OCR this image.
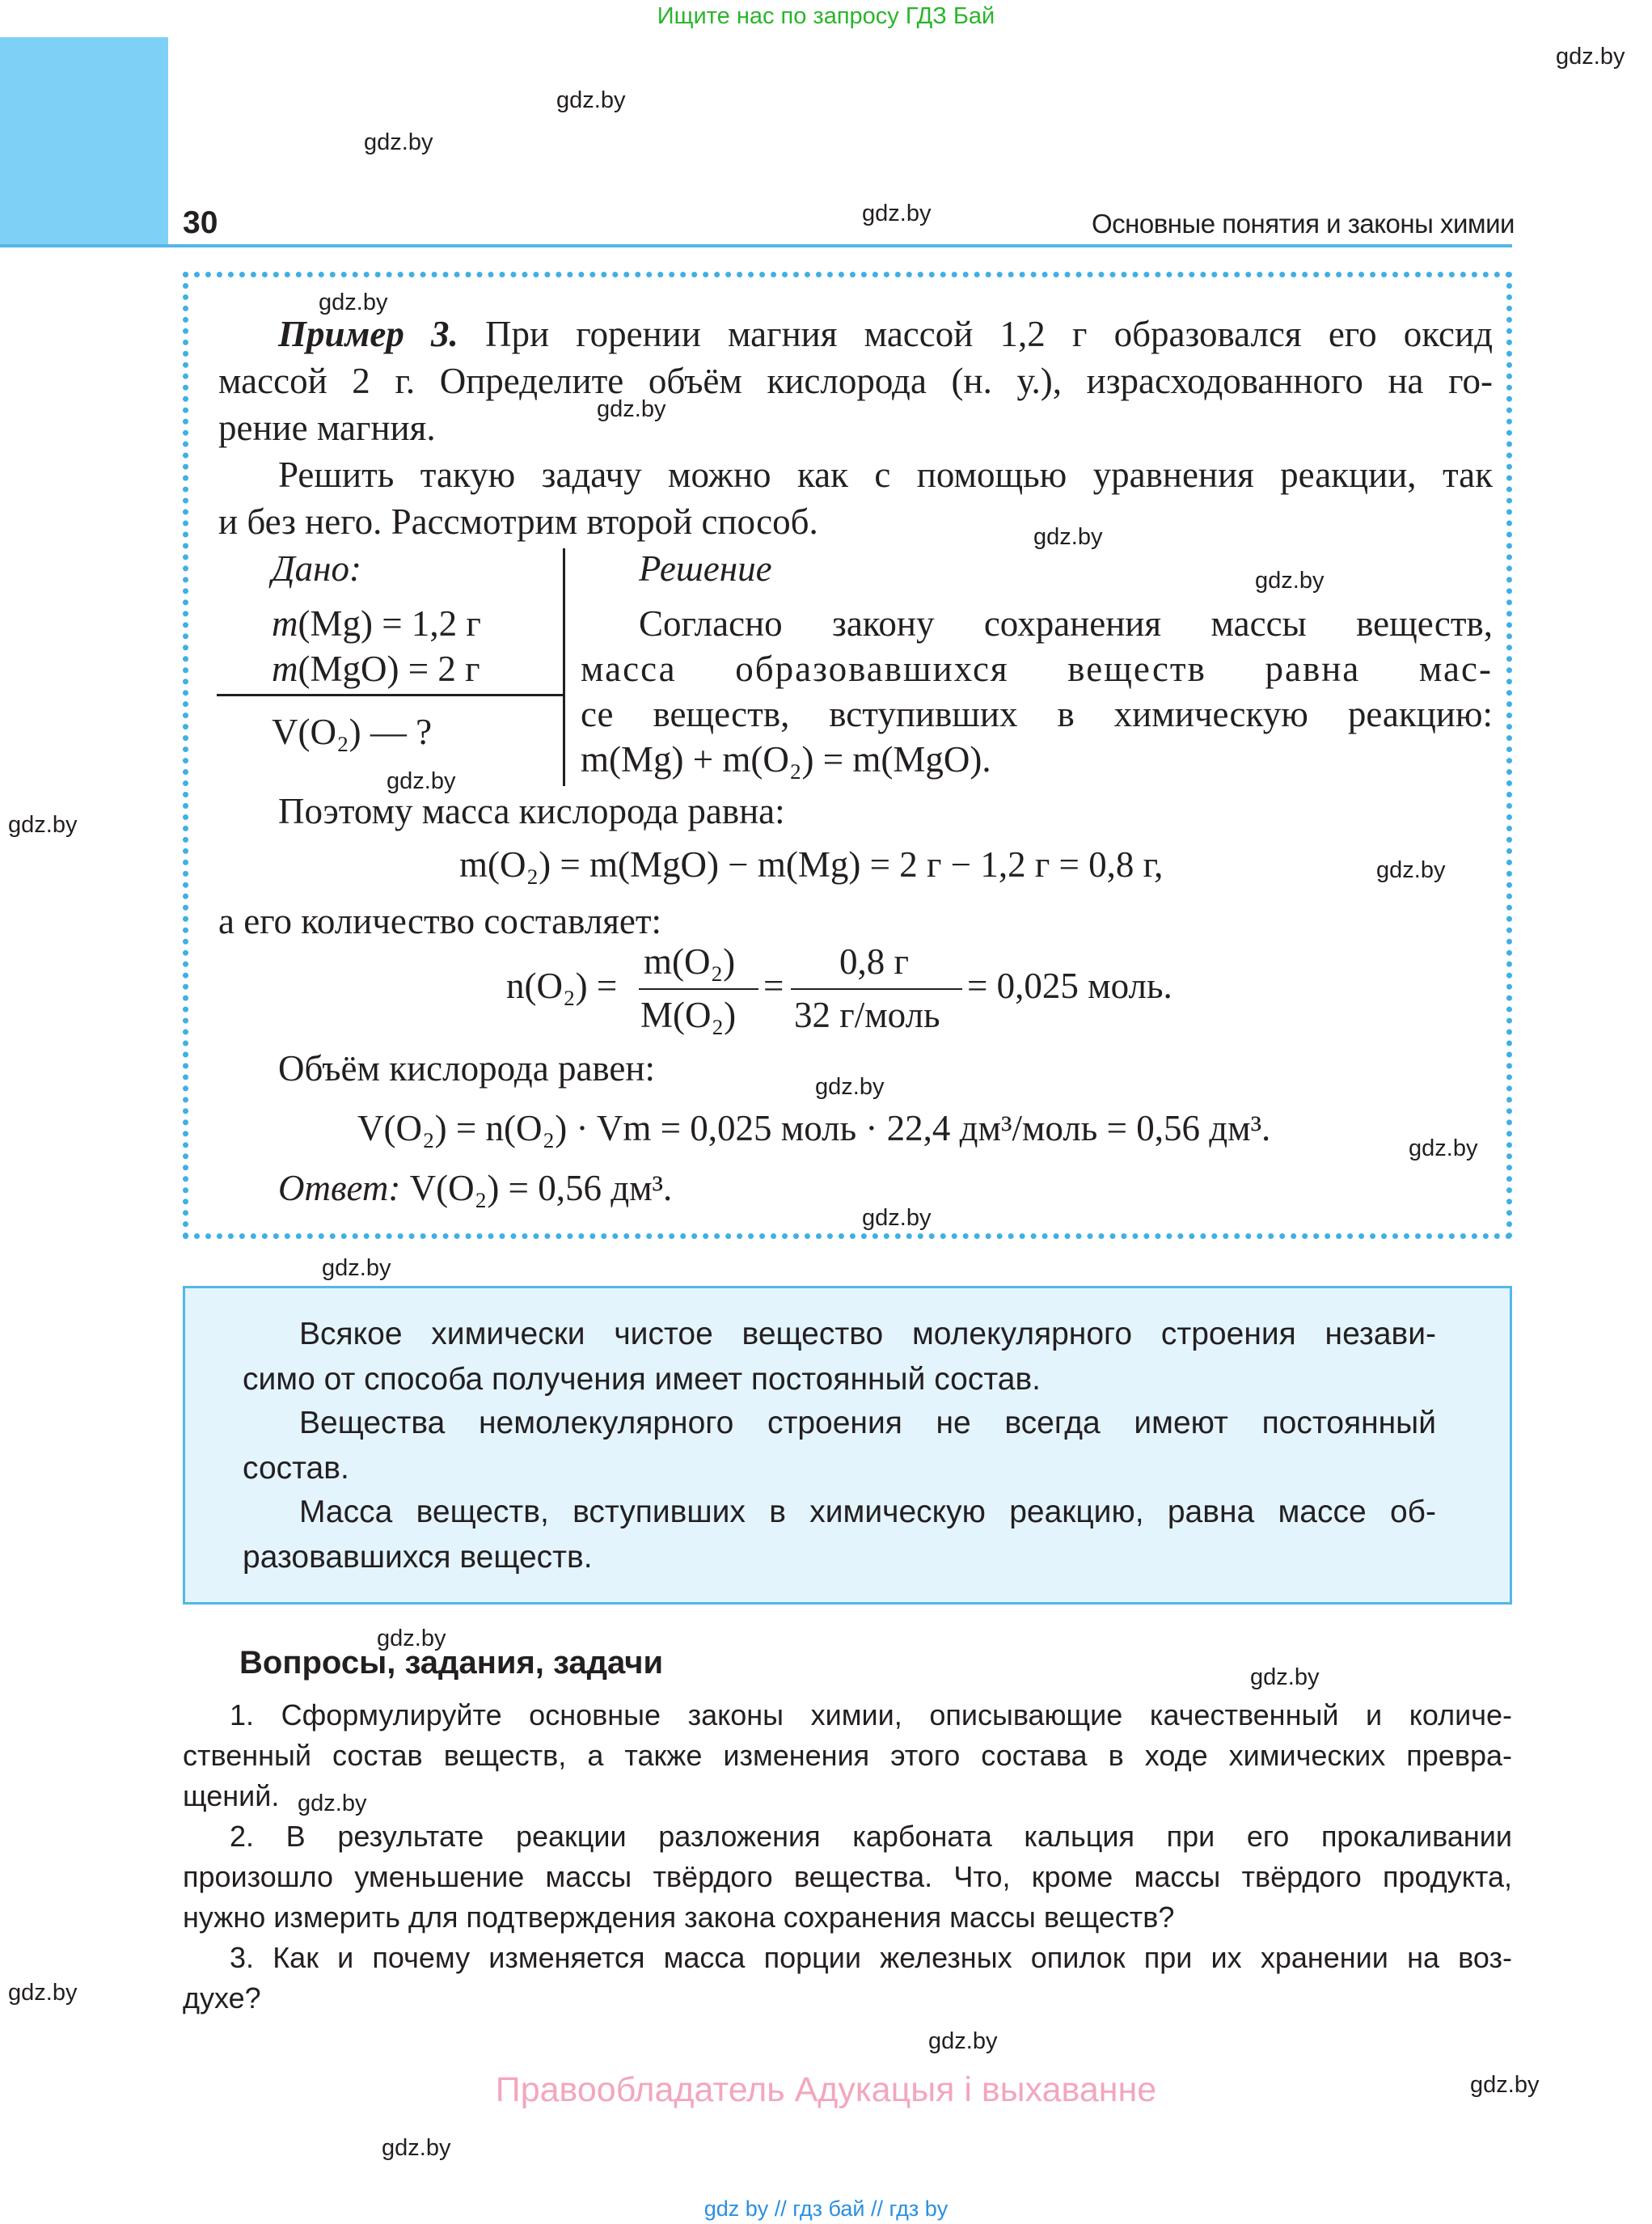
Ищите нас по запросу ГДЗ Бай
30	Основные понятия и законы химии
gdz.by
gdz.by
gdz.by
gdz.by
gdz.by
gdz.by
gdz.by
gdz.by
gdz.by
gdz.by
gdz.by
gdz.by
gdz.by
gdz.by
gdz.by
gdz.by
gdz.by
gdz.by
gdz.by
gdz.by
gdz.by
gdz.by
Пример 3. При горении магния массой 1,2 г образовался его оксид
массой 2 г. Определите объём кислорода (н. у.), израсходованного на го-
рение магния.
Решить такую задачу можно как с помощью уравнения реакции, так
и без него. Рассмотрим второй способ.
Дано:
m(Mg) = 1,2 г
m(MgO) = 2 г
V(O₂) — ?
Решение
Согласно закону сохранения массы веществ,
масса образовавшихся веществ равна мас-
се веществ, вступивших в химическую реакцию:
m(Mg) + m(O₂) = m(MgO).
Поэтому масса кислорода равна:
m(O₂) = m(MgO) − m(Mg) = 2 г − 1,2 г = 0,8 г,
а его количество составляет:
n(O₂) =
m(O₂)
M(O₂)
=
0,8 г
32 г/моль
= 0,025 моль.
Объём кислорода равен:
V(O₂) = n(O₂) · Vm = 0,025 моль · 22,4 дм³/моль = 0,56 дм³.
Ответ: V(O₂) = 0,56 дм³.
Всякое химически чистое вещество молекулярного строения незави-
симо от способа получения имеет постоянный состав.
Вещества немолекулярного строения не всегда имеют постоянный
состав.
Масса веществ, вступивших в химическую реакцию, равна массе об-
разовавшихся веществ.
Вопросы, задания, задачи
1. Сформулируйте основные законы химии, описывающие качественный и количе-
ственный состав веществ, а также изменения этого состава в ходе химических превра-
щений.
2. В результате реакции разложения карбоната кальция при его прокаливании
произошло уменьшение массы твёрдого вещества. Что, кроме массы твёрдого продукта,
нужно измерить для подтверждения закона сохранения массы веществ?
3. Как и почему изменяется масса порции железных опилок при их хранении на воз-
духе?
Правообладатель Адукацыя і выхаванне
gdz by // гдз бай // гдз by
